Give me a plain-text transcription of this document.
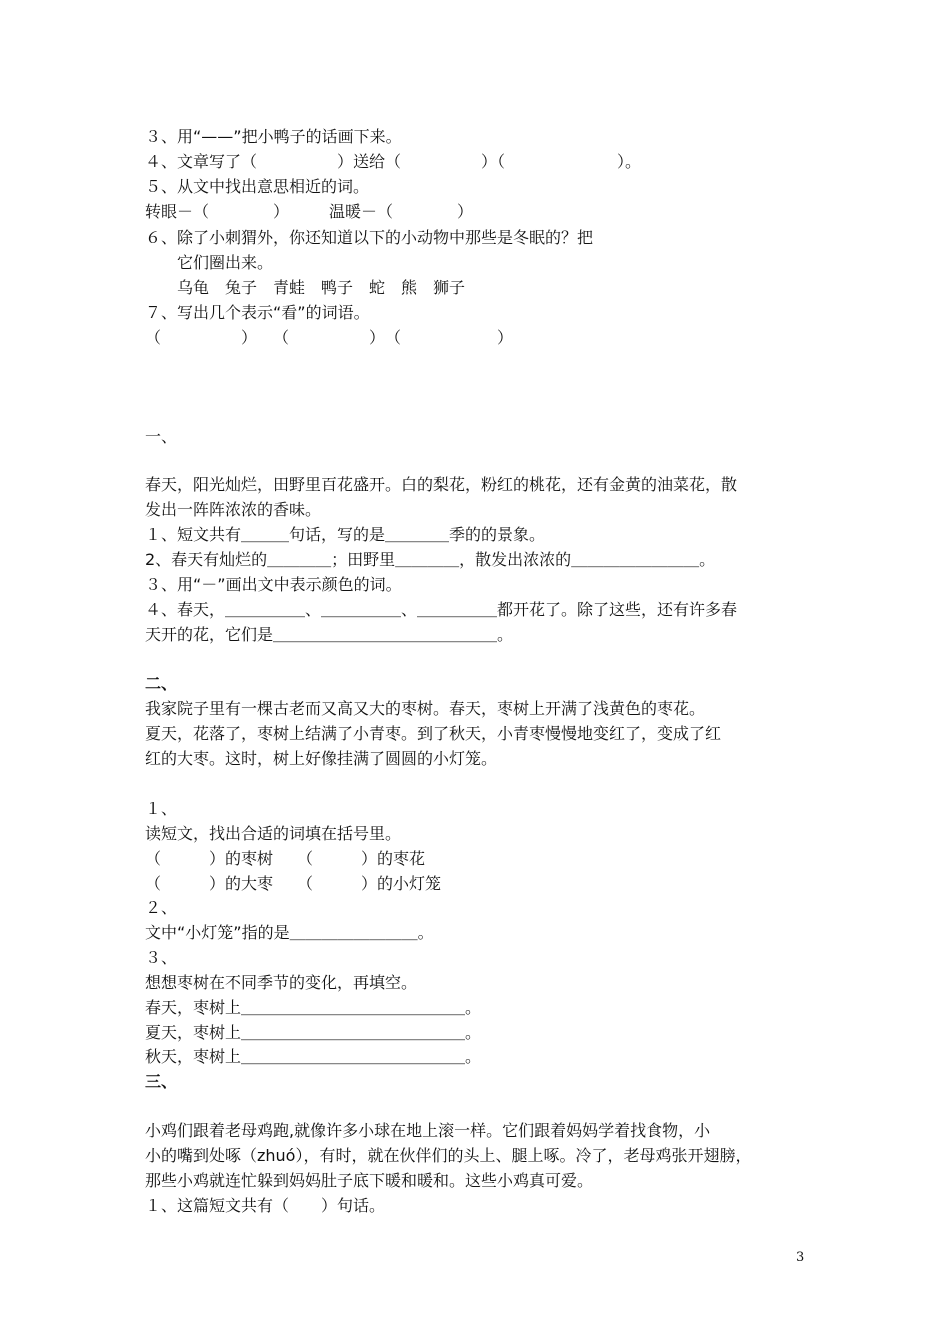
３、用“——”把小鸭子的话画下来。
４、文章写了（　　　　　）送给（　　　　　）（　　　　　　　）。
５、从文中找出意思相近的词。
转眼－（　　　　）　　　温暖－（　　　　）
６、除了小刺猬外，你还知道以下的小动物中那些是冬眠的？把
　　它们圈出来。
　　乌龟　兔子　青蛙　鸭子　蛇　熊　狮子
７、写出几个表示“看”的词语。
（　　　　　）　　（　　　　　）　（　　　　　　）
一、
春天，阳光灿烂，田野里百花盛开。白的梨花，粉红的桃花，还有金黄的油菜花，散
发出一阵阵浓浓的香味。
１、短文共有＿＿＿句话，写的是＿＿＿＿季的的景象。
2、春天有灿烂的＿＿＿＿；田野里＿＿＿＿，散发出浓浓的＿＿＿＿＿＿＿＿。
３、用“－”画出文中表示颜色的词。
４、春天，＿＿＿＿＿、＿＿＿＿＿、＿＿＿＿＿都开花了。除了这些，还有许多春
天开的花，它们是＿＿＿＿＿＿＿＿＿＿＿＿＿＿。
二、
我家院子里有一棵古老而又高又大的枣树。春天，枣树上开满了浅黄色的枣花。
夏天，花落了，枣树上结满了小青枣。到了秋天，小青枣慢慢地变红了，变成了红
红的大枣。这时，树上好像挂满了圆圆的小灯笼。
１、
读短文，找出合适的词填在括号里。
（　　　）的枣树　　（　　　）的枣花
（　　　）的大枣　　（　　　）的小灯笼
２、
文中“小灯笼”指的是＿＿＿＿＿＿＿＿。
３、
想想枣树在不同季节的变化，再填空。
春天，枣树上＿＿＿＿＿＿＿＿＿＿＿＿＿＿。
夏天，枣树上＿＿＿＿＿＿＿＿＿＿＿＿＿＿。
秋天，枣树上＿＿＿＿＿＿＿＿＿＿＿＿＿＿。
三、
小鸡们跟着老母鸡跑,就像许多小球在地上滚一样。它们跟着妈妈学着找食物，小
小的嘴到处啄（zhuó），有时，就在伙伴们的头上、腿上啄。冷了，老母鸡张开翅膀，
那些小鸡就连忙躲到妈妈肚子底下暖和暖和。这些小鸡真可爱。
１、这篇短文共有（　　）句话。
3
